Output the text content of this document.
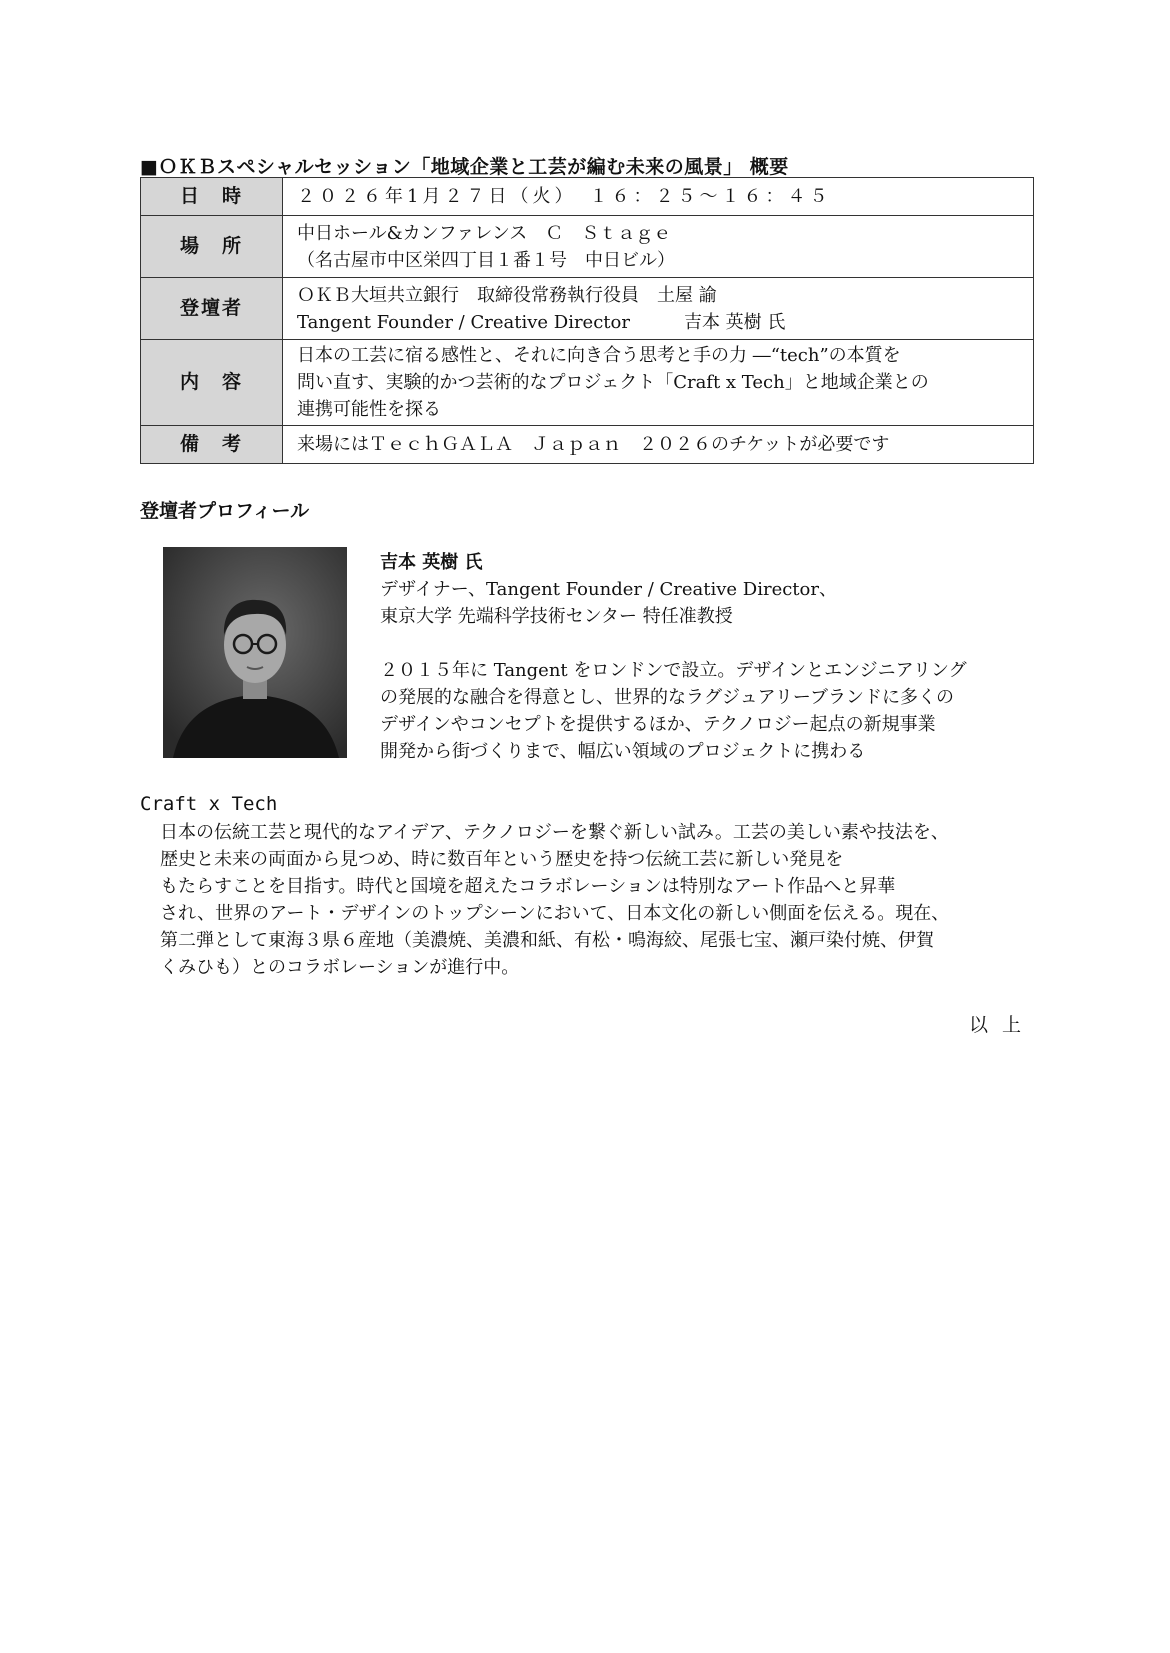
■ＯＫＢスペシャルセッション「地域企業と工芸が編む未来の風景」 概要
日　時	２０２６年1月２７日（火）　１６：２５～１６：４５

場　所	中日ホール&カンファレンス　Ｃ　Ｓｔａｇｅ
（名古屋市中区栄四丁目１番１号　中日ビル）

登壇者	ＯＫＢ大垣共立銀行　取締役常務執行役員　土屋 諭
Tangent Founder / Creative Director　　　吉本 英樹 氏

内　容	日本の工芸に宿る感性と、それに向き合う思考と手の力 ―“tech”の本質を
問い直す、実験的かつ芸術的なプロジェクト「Craft x Tech」と地域企業との
連携可能性を探る

備　考	来場にはＴｅｃｈＧＡＬＡ　Ｊａｐａｎ　２０２６のチケットが必要です
登壇者プロフィール
吉本 英樹 氏
デザイナー、Tangent Founder / Creative Director、
東京大学 先端科学技術センター 特任准教授
２０１５年に Tangent をロンドンで設立。デザインとエンジニアリング
の発展的な融合を得意とし、世界的なラグジュアリーブランドに多くの
デザインやコンセプトを提供するほか、テクノロジー起点の新規事業
開発から街づくりまで、幅広い領域のプロジェクトに携わる
Craft x Tech
日本の伝統工芸と現代的なアイデア、テクノロジーを繋ぐ新しい試み。工芸の美しい素や技法を、
歴史と未来の両面から見つめ、時に数百年という歴史を持つ伝統工芸に新しい発見を
もたらすことを目指す。時代と国境を超えたコラボレーションは特別なアート作品へと昇華
され、世界のアート・デザインのトップシーンにおいて、日本文化の新しい側面を伝える。現在、
第二弾として東海３県６産地（美濃焼、美濃和紙、有松・鳴海絞、尾張七宝、瀬戸染付焼、伊賀
くみひも）とのコラボレーションが進行中。
以上
